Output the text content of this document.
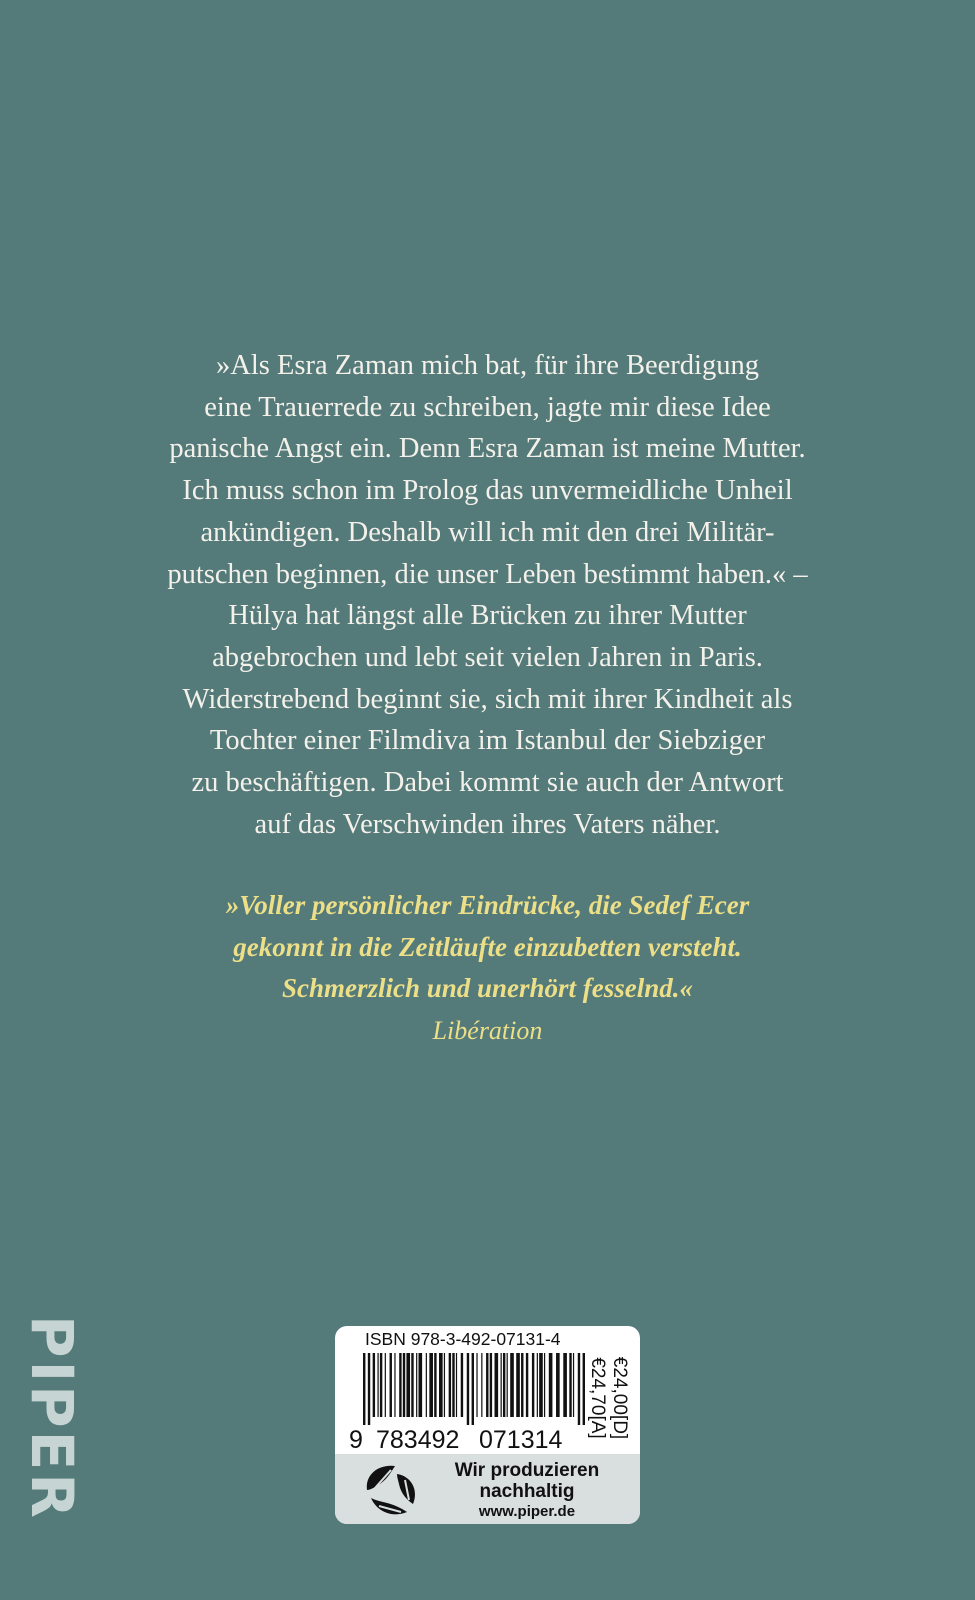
»Als Esra Zaman mich bat, für ihre Beerdigung
eine Trauerrede zu schreiben, jagte mir diese Idee
panische Angst ein. Denn Esra Zaman ist meine Mutter.
Ich muss schon im Prolog das unvermeidliche Unheil
ankündigen. Deshalb will ich mit den drei Militär-
putschen beginnen, die unser Leben bestimmt haben.« –
Hülya hat längst alle Brücken zu ihrer Mutter
abgebrochen und lebt seit vielen Jahren in Paris.
Widerstrebend beginnt sie, sich mit ihrer Kindheit als
Tochter einer Filmdiva im Istanbul der Siebziger
zu beschäftigen. Dabei kommt sie auch der Antwort
auf das Verschwinden ihres Vaters näher.
»Voller persönlicher Eindrücke, die Sedef Ecer
gekonnt in die Zeitläufte einzubetten versteht.
Schmerzlich und unerhört fesselnd.«
Libération
PIPER	ISBN 978-3-492-07131-4
9 783492 071314
€24,00[D]
€24,70[A]
Wir produzieren
nachhaltig
www.piper.de
